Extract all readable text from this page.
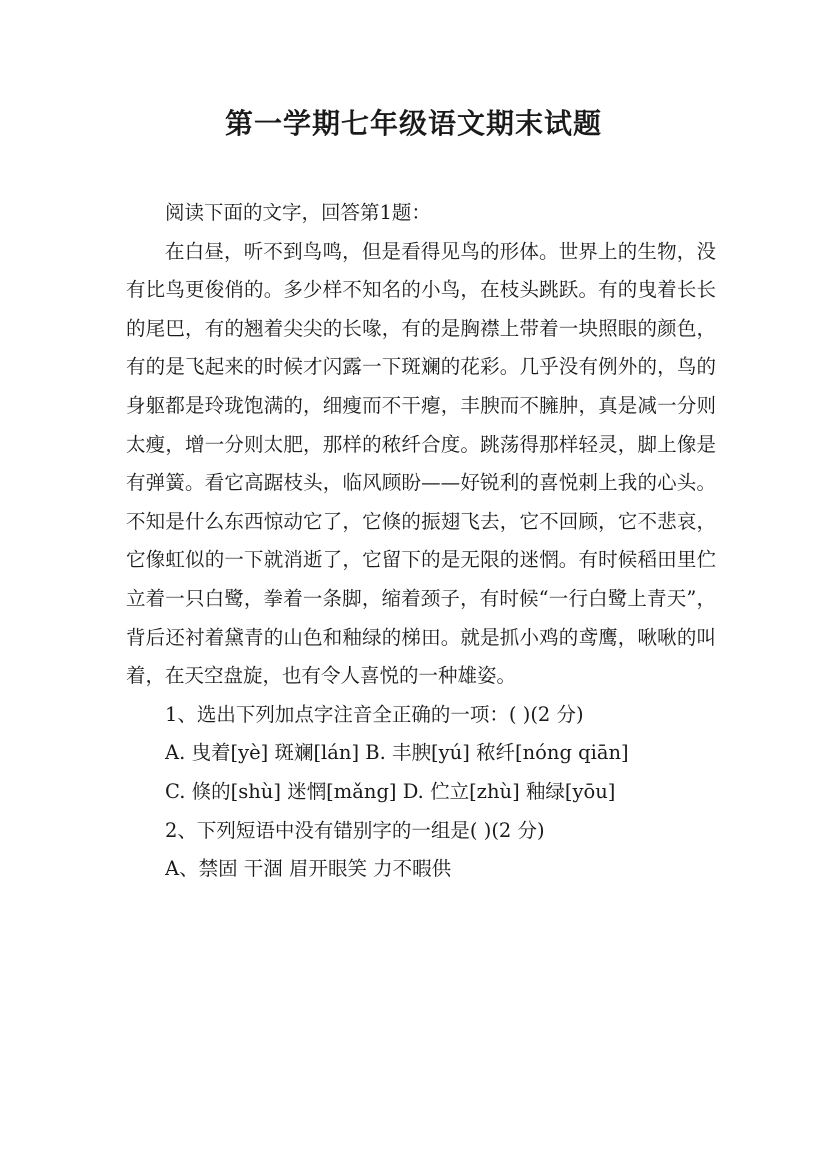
第一学期七年级语文期末试题

阅读下面的文字，回答第1题：

在白昼，听不到鸟鸣，但是看得见鸟的形体。世界上的生物，没有比鸟更俊俏的。多少样不知名的小鸟，在枝头跳跃。有的曳着长长的尾巴，有的翘着尖尖的长喙，有的是胸襟上带着一块照眼的颜色，有的是飞起来的时候才闪露一下斑斓的花彩。几乎没有例外的，鸟的身躯都是玲珑饱满的，细瘦而不干瘪，丰腴而不臃肿，真是减一分则太瘦，增一分则太肥，那样的秾纤合度。跳荡得那样轻灵，脚上像是有弹簧。看它高踞枝头，临风顾盼——好锐利的喜悦刺上我的心头。不知是什么东西惊动它了，它倏的振翅飞去，它不回顾，它不悲哀，它像虹似的一下就消逝了，它留下的是无限的迷惘。有时候稻田里伫立着一只白鹭，拳着一条脚，缩着颈子，有时候“一行白鹭上青天”，背后还衬着黛青的山色和釉绿的梯田。就是抓小鸡的鸢鹰，啾啾的叫着，在天空盘旋，也有令人喜悦的一种雄姿。

1、选出下列加点字注音全正确的一项：( )(2 分)

A. 曳着[yè] 斑斓[lán] B. 丰腴[yú] 秾纤[nóng qiān]

C. 倏的[shù] 迷惘[mǎng] D. 伫立[zhù] 釉绿[yōu]

2、下列短语中没有错别字的一组是( )(2 分)

A、禁固 干涸 眉开眼笑 力不暇供
